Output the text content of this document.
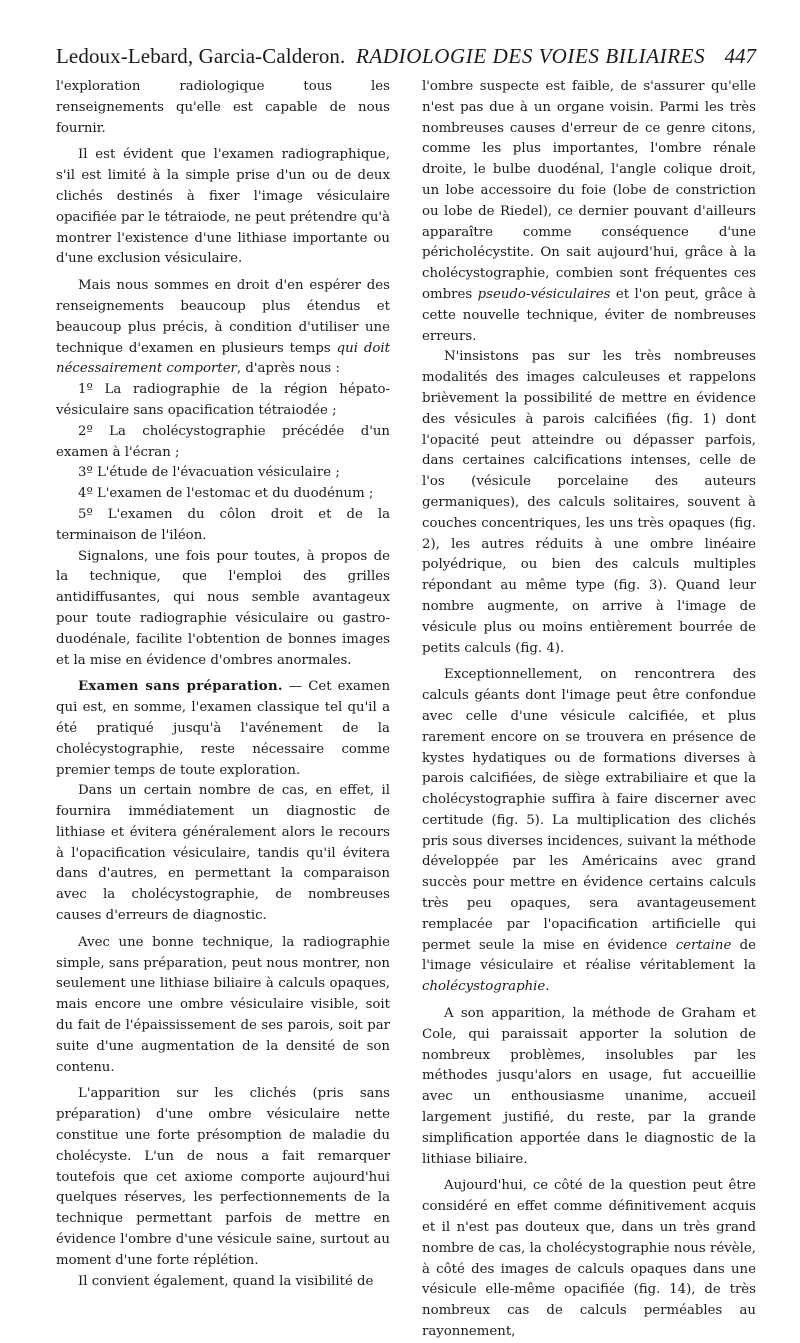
Ledoux-Lebard, Garcia-Calderon. RADIOLOGIE DES VOIES BILIAIRES 447

l'exploration radiologique tous les renseignements qu'elle est capable de nous fournir.

Il est évident que l'examen radiographique, s'il est limité à la simple prise d'un ou de deux clichés destinés à fixer l'image vésiculaire opacifiée par le tétraiode, ne peut prétendre qu'à montrer l'existence d'une lithiase importante ou d'une exclusion vésiculaire.

Mais nous sommes en droit d'en espérer des renseignements beaucoup plus étendus et beaucoup plus précis, à condition d'utiliser une technique d'examen en plusieurs temps qui doit nécessairement comporter, d'après nous :

1º La radiographie de la région hépato-vésiculaire sans opacification tétraiodée ;

2º La cholécystographie précédée d'un examen à l'écran ;

3º L'étude de l'évacuation vésiculaire ;

4º L'examen de l'estomac et du duodénum ;

5º L'examen du côlon droit et de la terminaison de l'iléon.

Signalons, une fois pour toutes, à propos de la technique, que l'emploi des grilles antidiffusantes, qui nous semble avantageux pour toute radiographie vésiculaire ou gastro-duodénale, facilite l'obtention de bonnes images et la mise en évidence d'ombres anormales.

Examen sans préparation. — Cet examen qui est, en somme, l'examen classique tel qu'il a été pratiqué jusqu'à l'avénement de la cholécystographie, reste nécessaire comme premier temps de toute exploration.

Dans un certain nombre de cas, en effet, il fournira immédiatement un diagnostic de lithiase et évitera généralement alors le recours à l'opacification vésiculaire, tandis qu'il évitera dans d'autres, en permettant la comparaison avec la cholécystographie, de nombreuses causes d'erreurs de diagnostic.

Avec une bonne technique, la radiographie simple, sans préparation, peut nous montrer, non seulement une lithiase biliaire à calculs opaques, mais encore une ombre vésiculaire visible, soit du fait de l'épaississement de ses parois, soit par suite d'une augmentation de la densité de son contenu.

L'apparition sur les clichés (pris sans préparation) d'une ombre vésiculaire nette constitue une forte présomption de maladie du cholécyste. L'un de nous a fait remarquer toutefois que cet axiome comporte aujourd'hui quelques réserves, les perfectionnements de la technique permettant parfois de mettre en évidence l'ombre d'une vésicule saine, surtout au moment d'une forte réplétion.

Il convient également, quand la visibilité de

l'ombre suspecte est faible, de s'assurer qu'elle n'est pas due à un organe voisin. Parmi les très nombreuses causes d'erreur de ce genre citons, comme les plus importantes, l'ombre rénale droite, le bulbe duodénal, l'angle colique droit, un lobe accessoire du foie (lobe de constriction ou lobe de Riedel), ce dernier pouvant d'ailleurs apparaître comme conséquence d'une péricholécystite. On sait aujourd'hui, grâce à la cholécystographie, combien sont fréquentes ces ombres pseudo-vésiculaires et l'on peut, grâce à cette nouvelle technique, éviter de nombreuses erreurs.

N'insistons pas sur les très nombreuses modalités des images calculeuses et rappelons brièvement la possibilité de mettre en évidence des vésicules à parois calcifiées (fig. 1) dont l'opacité peut atteindre ou dépasser parfois, dans certaines calcifications intenses, celle de l'os (vésicule porcelaine des auteurs germaniques), des calculs solitaires, souvent à couches concentriques, les uns très opaques (fig. 2), les autres réduits à une ombre linéaire polyédrique, ou bien des calculs multiples répondant au même type (fig. 3). Quand leur nombre augmente, on arrive à l'image de vésicule plus ou moins entièrement bourrée de petits calculs (fig. 4).

Exceptionnellement, on rencontrera des calculs géants dont l'image peut être confondue avec celle d'une vésicule calcifiée, et plus rarement encore on se trouvera en présence de kystes hydatiques ou de formations diverses à parois calcifiées, de siège extrabiliaire et que la cholécystographie suffira à faire discerner avec certitude (fig. 5). La multiplication des clichés pris sous diverses incidences, suivant la méthode développée par les Américains avec grand succès pour mettre en évidence certains calculs très peu opaques, sera avantageusement remplacée par l'opacification artificielle qui permet seule la mise en évidence certaine de l'image vésiculaire et réalise véritablement la cholécystographie.

A son apparition, la méthode de Graham et Cole, qui paraissait apporter la solution de nombreux problèmes, insolubles par les méthodes jusqu'alors en usage, fut accueillie avec un enthousiasme unanime, accueil largement justifié, du reste, par la grande simplification apportée dans le diagnostic de la lithiase biliaire.

Aujourd'hui, ce côté de la question peut être considéré en effet comme définitivement acquis et il n'est pas douteux que, dans un très grand nombre de cas, la cholécystographie nous révèle, à côté des images de calculs opaques dans une vésicule elle-même opacifiée (fig. 14), de très nombreux cas de calculs perméables au rayonnement,
